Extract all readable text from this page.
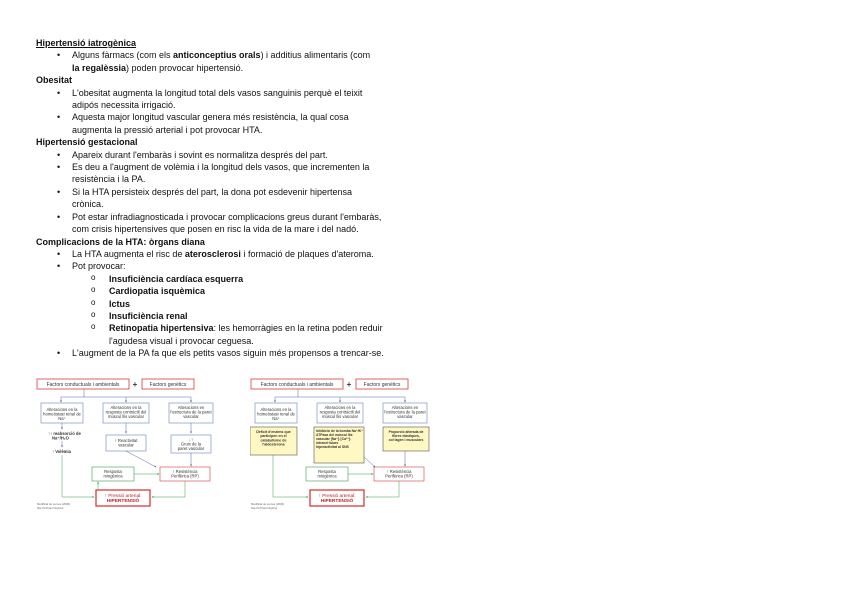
Hipertensió iatrogènica
• Alguns fàrmacs (com els anticonceptius orals) i additius alimentaris (com
la regalèssia) poden provocar hipertensió.
Obesitat
• L'obesitat augmenta la longitud total dels vasos sanguinis perquè el teixit
adipós necessita irrigació.
• Aquesta major longitud vascular genera més resistència, la qual cosa
augmenta la pressió arterial i pot provocar HTA.
Hipertensió gestacional
• Apareix durant l'embaràs i sovint es normalitza després del part.
• Es deu a l'augment de volèmia i la longitud dels vasos, que incrementen la
resistència i la PA.
• Si la HTA persisteix després del part, la dona pot esdevenir hipertensa
crònica.
• Pot estar infradiagnosticada i provocar complicacions greus durant l'embaràs,
com crisis hipertensives que posen en risc la vida de la mare i del nadó.
Complicacions de la HTA: òrgans diana
• La HTA augmenta el risc de aterosclerosi i formació de plaques d'ateroma.
• Pot provocar:
o Insuficiència cardíaca esquerra
o Cardiopatia isquèmica
o Ictus
o Insuficiència renal
o Retinopatia hipertensiva: les hemorràgies en la retina poden reduir
l'agudesa visual i provocar ceguesa.
• L'augment de la PA fa que els petits vasos siguin més propensos a trencar-se.
Factors conductuals i ambientals + Factors genètics
Alteracions en la homeòstasi renal de Na⁺
Alteracions en la resposta contràctil del múscul llis vascular
Alteracions en l'estructura de la paret vascular
↑↑ reabsorció de Na⁺/H₂O
↑ Volèmia
↑ Reactivitat vascular
↓↑ Gruix de la paret vascular
Resposta miogènica
↑ Resistència Perifèrica (RP)
↑ Pressió arterial: HIPERTENSIÓ
Modificat de Lemos (2006)
Nat Cli Pract Nephrol
Factors conductuals i ambientals + Factors genètics
Alteracions en la homeòstasi renal de Na⁺
Alteracions en la resposta contràctil del múscul llis vascular
Alteracions en l'estructura de la paret vascular
Dèficit d'enzims que participen en el catabolisme de l'aldosterona
Inhibició de la bomba Na⁺/K⁺ ATPasa del múscul llis vascular [Na⁺]ᵢ [Ca²⁺]ᵢ intracel·lulars hiperactivitat al SNS
Proporció alterada de fibres elàstiques, col·lagen i musculars
Resposta miogènica
↑ Resistència Perifèrica (RP)
↑ Pressió arterial: HIPERTENSIÓ
Modificat de Lemos (2006)
Nat Cli Pract Nephrol
